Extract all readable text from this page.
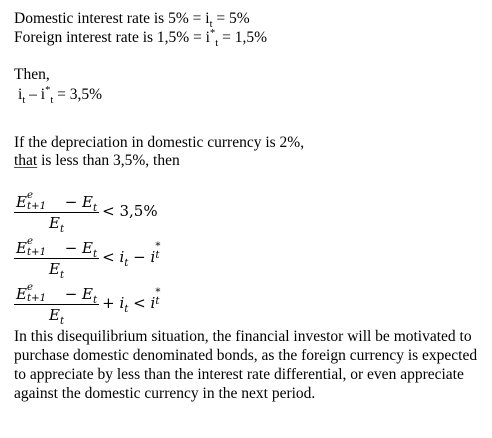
Domestic interest rate is $5\% = i_t = 5\%$
Foreign interest rate is $1,5\% = i^*_t = 1,5\%$
Then,
$i_t - i^*_t = 3,5\%$
If the depreciation in domestic currency is 2%,
that is less than 3,5%, then
E e
$t+1 - E_t$
$E_t < 3,5\%$
E e
$t+1 - E_t$
$E_t < i_t - i$
*
t

E e
$t+1 - E_t$
$E_t + i_t < i$
*
t

In this disequilibrium situation, the financial investor will be motivated to purchase domestic denominated bonds, as the foreign currency is expected to appreciate by less than the interest rate differential, or even appreciate against the domestic currency in the next period.
